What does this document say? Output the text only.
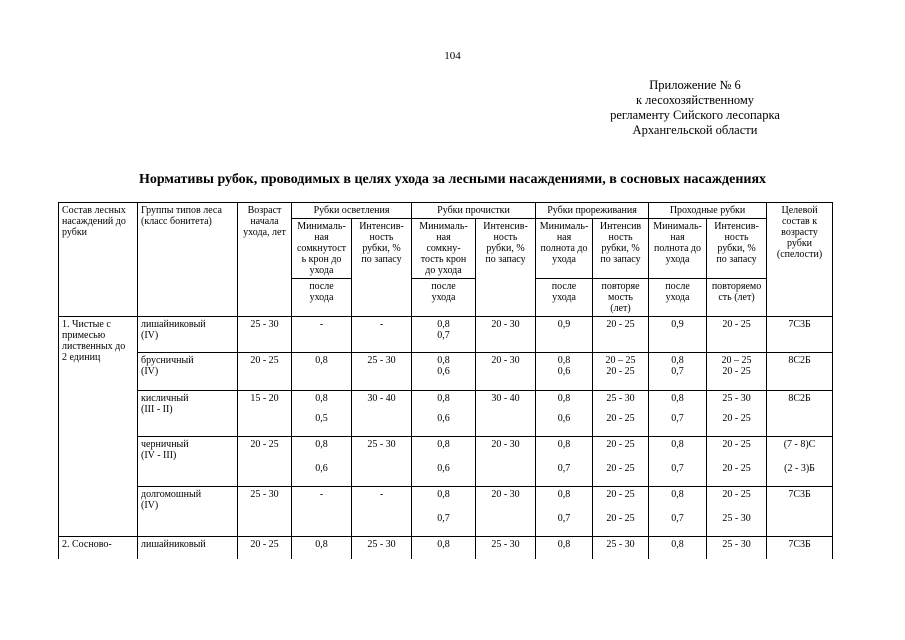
104
Приложение № 6
к лесохозяйственному
регламенту Сийского лесопарка
Архангельской области
Нормативы рубок, проводимых в целях ухода за лесными насаждениями, в сосновых насаждениях
Состав лесных
насаждений до
рубки	Группы типов леса
(класс бонитета)	Возраст
начала
ухода, лет	Рубки осветления		Рубки прочистки		Рубки прореживания		Проходные рубки		Целевой
состав к
возрасту
рубки
(спелости)

			Минималь-
ная
сомкнутост
ь крон до
ухода	Интенсив-
ность
рубки, %
по запасу	Минималь-
ная
сомкну-
тость крон
до ухода	Интенсив-
ность
рубки, %
по запасу	Минималь-
ная
полнота до
ухода	Интенсив
ность
рубки, %
по запасу	Минималь-
ная
полнота до
ухода	Интенсив-
ность
рубки, %
по запасу	

			после
ухода		после
ухода		после
ухода	повторяе
мость
(лет)	после
ухода	повторяемо
сть (лет)	

1. Чистые с
примесью
лиственных до
2 единиц	лишайниковый
(IV)	25 - 30	-	-	0,8
0,7	20 - 30	0,9	20 - 25	0,9	20 - 25	7С3Б

	брусничный
(IV)	20 - 25	0,8	25 - 30	0,8
0,6	20 - 30	0,8
0,6	20 – 25
20 - 25	0,8
0,7	20 – 25
20 - 25	8С2Б

	кисличный
(III - II)	15 - 20	0,8
0,5	30 - 40	0,8
0,6	30 - 40	0,8
0,6	25 - 30
20 - 25	0,8
0,7	25 - 30
20 - 25	8С2Б

	черничный
(IV - III)	20 - 25	0,8
0,6	25 - 30	0,8
0,6	20 - 30	0,8
0,7	20 - 25
20 - 25	0,8
0,7	20 - 25
20 - 25	(7 - 8)С
(2 - 3)Б

	долгомошный
(IV)	25 - 30	-	-	0,8
0,7	20 - 30	0,8
0,7	20 - 25
20 - 25	0,8
0,7	20 - 25
25 - 30	7С3Б

2. Сосново-	лишайниковый	20 - 25	0,8	25 - 30	0,8	25 - 30	0,8	25 - 30	0,8	25 - 30	7С3Б
